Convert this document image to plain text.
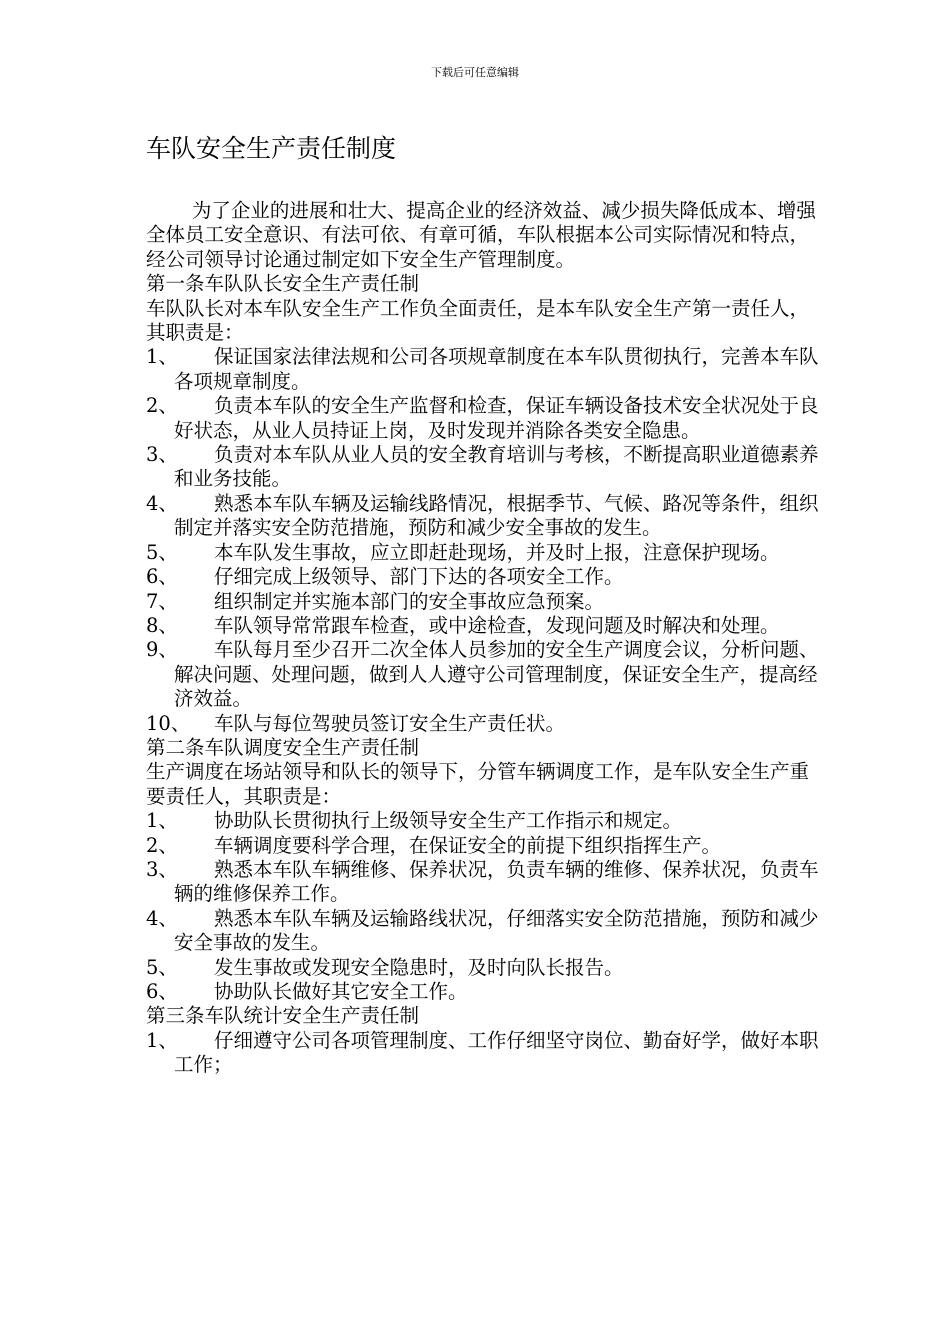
下载后可任意编辑
车队安全生产责任制度

为了企业的进展和壮大、提高企业的经济效益、减少损失降低成本、增强全体员工安全意识、有法可依、有章可循，车队根据本公司实际情况和特点，经公司领导讨论通过制定如下安全生产管理制度。

第一条车队队长安全生产责任制

车队队长对本车队安全生产工作负全面责任，是本车队安全生产第一责任人，其职责是：

1、 保证国家法律法规和公司各项规章制度在本车队贯彻执行，完善本车队各项规章制度。
2、 负责本车队的安全生产监督和检查，保证车辆设备技术安全状况处于良好状态，从业人员持证上岗，及时发现并消除各类安全隐患。
3、 负责对本车队从业人员的安全教育培训与考核，不断提高职业道德素养和业务技能。
4、 熟悉本车队车辆及运输线路情况，根据季节、气候、路况等条件，组织制定并落实安全防范措施，预防和减少安全事故的发生。
5、 本车队发生事故，应立即赶赴现场，并及时上报，注意保护现场。
6、 仔细完成上级领导、部门下达的各项安全工作。
7、 组织制定并实施本部门的安全事故应急预案。
8、 车队领导常常跟车检查，或中途检查，发现问题及时解决和处理。
9、 车队每月至少召开二次全体人员参加的安全生产调度会议，分析问题、解决问题、处理问题，做到人人遵守公司管理制度，保证安全生产，提高经济效益。
10、 车队与每位驾驶员签订安全生产责任状。

第二条车队调度安全生产责任制

生产调度在场站领导和队长的领导下，分管车辆调度工作，是车队安全生产重要责任人，其职责是：

1、 协助队长贯彻执行上级领导安全生产工作指示和规定。
2、 车辆调度要科学合理，在保证安全的前提下组织指挥生产。
3、 熟悉本车队车辆维修、保养状况，负责车辆的维修、保养状况，负责车辆的维修保养工作。
4、 熟悉本车队车辆及运输路线状况，仔细落实安全防范措施，预防和减少安全事故的发生。
5、 发生事故或发现安全隐患时，及时向队长报告。
6、 协助队长做好其它安全工作。

第三条车队统计安全生产责任制

1、 仔细遵守公司各项管理制度、工作仔细坚守岗位、勤奋好学，做好本职工作；
